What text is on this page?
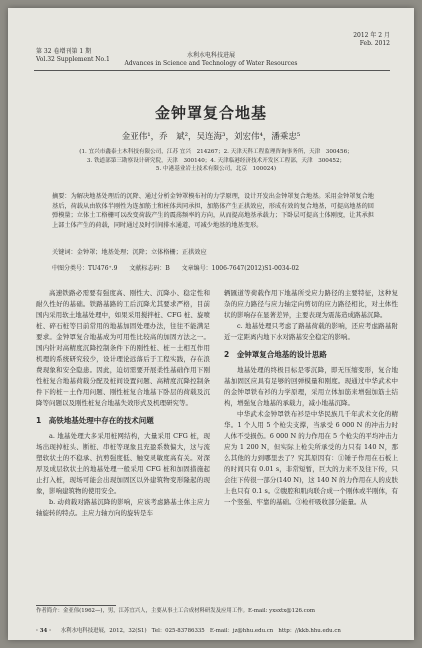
第 32 卷增刊第 1 期
Vol.32 Supplement No.1
水利水电科技进展
Advances in Science and Technology of Water Resources
2012 年 2 月
Feb. 2012
金钟罩复合地基
金亚伟¹，乔　斌²，吴连海³，刘宏伟⁴，潘乘忠⁵
(1. 宜兴市鑫泰土木科技有限公司，江苏 宜兴　214267；2. 天津天科工程监理咨询事务所，天津　300456；
3. 铁道部第三勘察设计研究院，天津　300140；4. 天津临港经济技术开发区工程部，天津　300452；
5. 中港基业岩土技术有限公司，北京　100024)
摘要：为解决地基处理后的沉降、通过分析金钟罩模布衬的力学原理，设计开发出金钟罩复合地基。采用金钟罩复合地基后，荷载从由软体半刚性为连加筋土和桩体共同承担，加筋体产生正拱效应，形成有效的复合地基，可提高地基的回弹模量；立体土工格栅可以改变荷载产生的震荡频率的方向，从而提高地基承载力；下卧层可提高土体刚度，让其承担上部土体产生的荷载，同时通过及时引间排水通道，可减少地基的地基变形。
关键词：金钟罩；地基处理；沉降；立体格栅；正拱效应
中图分类号：TU476⁺.9 文献标志码：B 文章编号：1006-7647(2012)S1-0034-02

高速铁路必需要有强度高、刚性大、沉降小、稳定性和耐久性好的基础。铁路基路的工后沉降尤其要求严格，目前国内采用软土地基处理中，如果采用搅拌桩、CFG 桩、旋喷桩、碎石桩等目前常用的地基加固处理办法，往往不能满足要求。金钟罩复合地基成为可用性比较高的加固方法之一。国内针对高精度沉降控制条件下的刚性桩、桩－土相互作用机理的系统研究较少，设计理论远落后于工程实践，存在浪费现象和安全隐患。因此，迫切需要开展柔性基础作用下刚性桩复合地基荷载分配及桩间设置问题、高精度沉降控制条件下的桩－土作用问题、刚性桩复合地基下卧层的荷载及沉降等问题以及刚性桩复合地基失效形式及机理研究等。

1　高铁地基处理中存在的技术问题

a. 地基处理大多采用桩网结构，大量采用 CFG 桩，现场出现掉桩头、断桩、串桩等现象且充盈系数偏大，这与流塑软状土的不稳承、抗剪强度低、触变灵敏度高有关。对深厚及成层软状土的地基处理一般采用 CFG 桩和加固措施起止打入桩，现场可能会出现加固区以外建筑物变形隆起的现象，影响建筑物的使用安全。

b. 动荷载对路基沉降的影响，应该考虑路基土体主应力轴旋转的特点。主应力轴方向的旋转是车

辆匯道等荷载作用下地基所受应力路径的主要特征，这种复杂的应力路径与应力轴定向剪切的应力路径相比，对土体性状的影响存在显著差异，主要表现为震荡造成路基沉降。

c. 地基处理只考虑了路基荷载的影响，还应考虑路基附近一定距离内地下水对路基安全稳定的影响。

2　金钟罩复合地基的设计思路

地基处理的终极目标是零沉降，即无压缩变形，复合地基加固区应具有足够的回弹模量和刚度。现通过中华武术中的金钟罩铁布衫的力学原理，采用立体加筋来增强加筋土结构，增强复合地基的承载力，减小地基沉降。

中华武术金钟罩铁布衫是中华民族几千年武术文化的精华。1 个人用 5 个枪尖支撑，当承受 6 000 N 的冲击力时人体不受损伤。6 000 N 的力作用在 5 个枪尖的平均冲击力应为 1 200 N，但实际上枪尖所承受的力只有 140 N，那么其他的力到哪里去了？究其原因有：①锤子作用在石板上的时间只有 0.01 s，非常短暂，巨大的力来不及往下传，只会往下传很一部分(140 N)，这 140 N 的力作用在人的皮肤上也只有 0.1 s。②腹腔和肌肉联合成一个刚体或半刚体，有一个竖强、牢靠的基础。③枪杆吸收部分能量。从

作者简介：金亚伟(1962—)，男，江苏宜兴人，主要从事土工合成材料研发及应用工作。E-mail: yxsxtx@126.com
· 34 · 水利水电科技进展，2012，32(S1) Tel：025-83786335 E-mail：jz@hhu.edu.cn http：//kkb.hhu.edu.cn
